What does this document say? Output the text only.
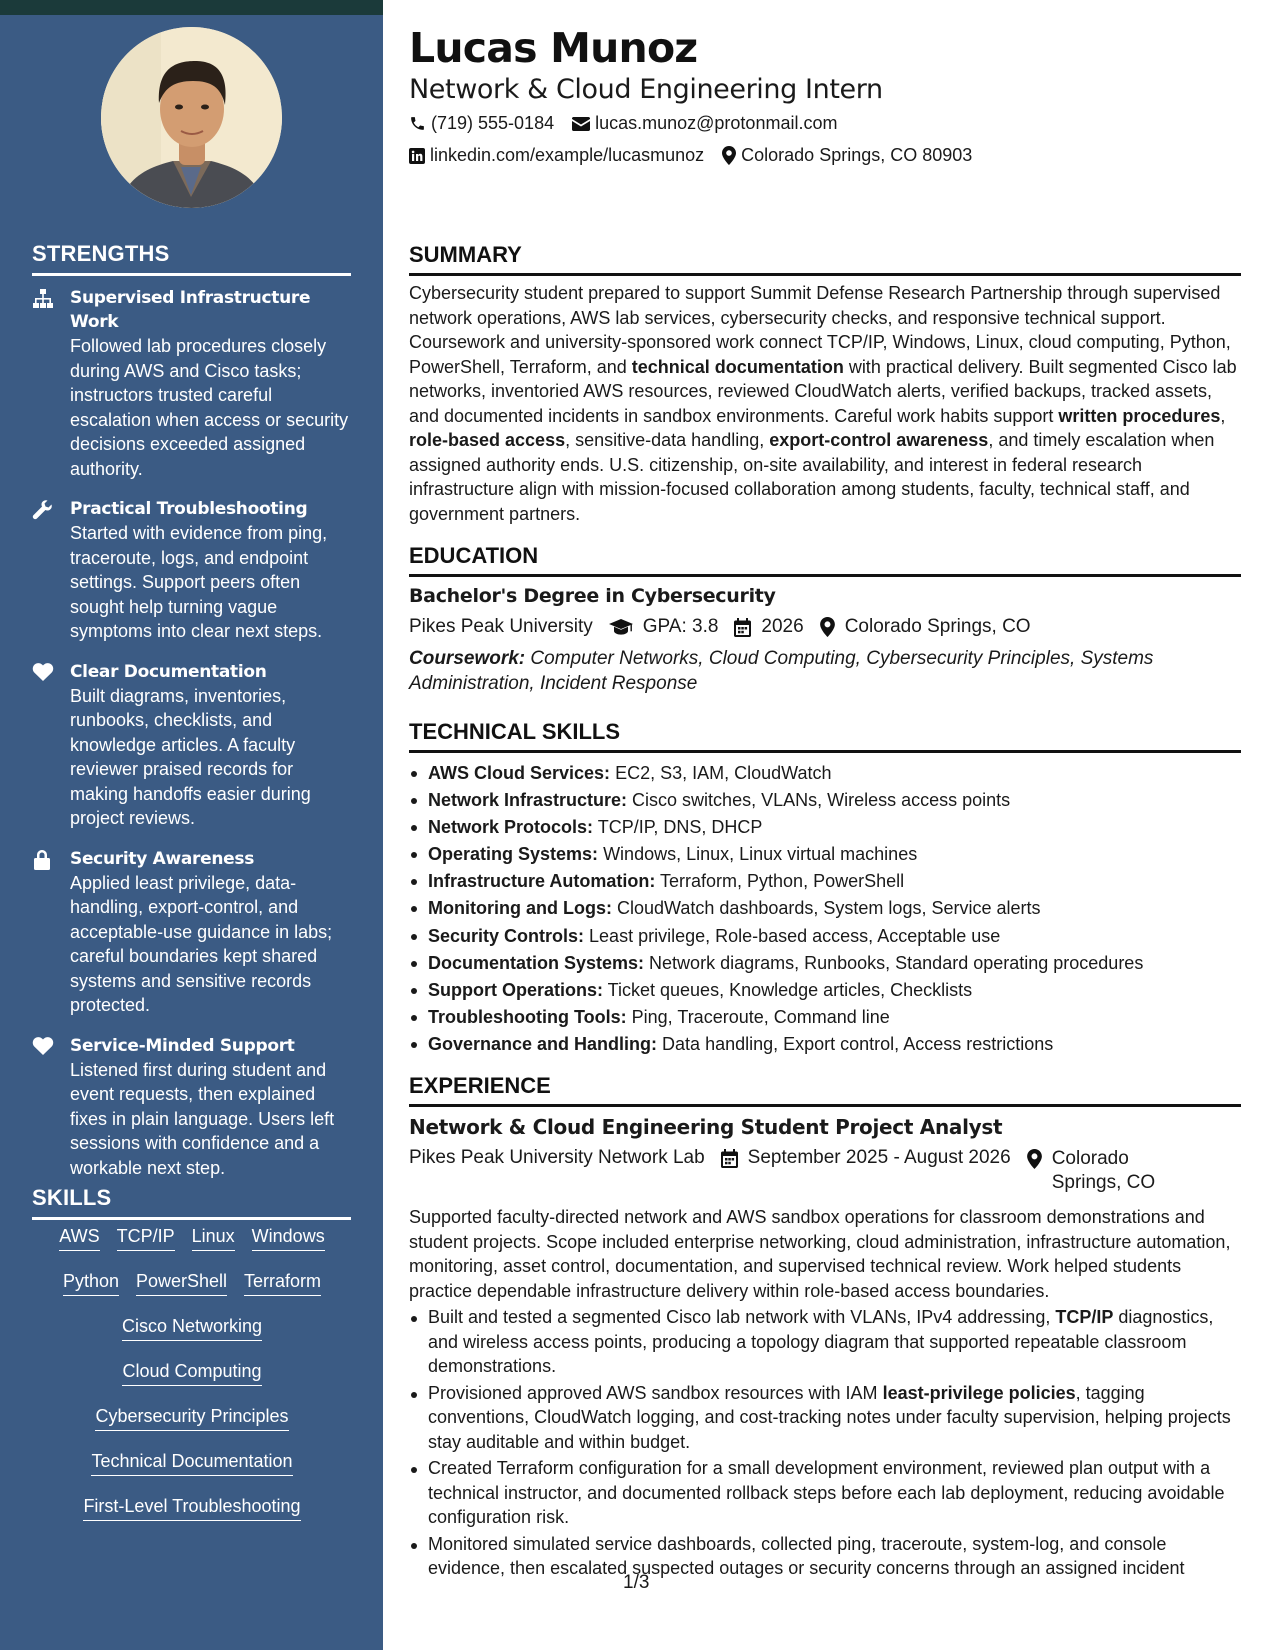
STRENGTHS
Supervised Infrastructure Work
Followed lab procedures closely during AWS and Cisco tasks; instructors trusted careful escalation when access or security decisions exceeded assigned authority.
Practical Troubleshooting
Started with evidence from ping, traceroute, logs, and endpoint settings. Support peers often sought help turning vague symptoms into clear next steps.
Clear Documentation
Built diagrams, inventories, runbooks, checklists, and knowledge articles. A faculty reviewer praised records for making handoffs easier during project reviews.
Security Awareness
Applied least privilege, data-handling, export-control, and acceptable-use guidance in labs; careful boundaries kept shared systems and sensitive records protected.
Service-Minded Support
Listened first during student and event requests, then explained fixes in plain language. Users left sessions with confidence and a workable next step.
SKILLS
AWS TCP/IP Linux Windows
Python PowerShell Terraform
Cisco Networking
Cloud Computing
Cybersecurity Principles
Technical Documentation
First-Level Troubleshooting
Lucas Munoz
Network & Cloud Engineering Intern
(719) 555-0184 lucas.munoz@protonmail.com
linkedin.com/example/lucasmunoz Colorado Springs, CO 80903
SUMMARY
Cybersecurity student prepared to support Summit Defense Research Partnership through supervised network operations, AWS lab services, cybersecurity checks, and responsive technical support. Coursework and university-sponsored work connect TCP/IP, Windows, Linux, cloud computing, Python, PowerShell, Terraform, and technical documentation with practical delivery. Built segmented Cisco lab networks, inventoried AWS resources, reviewed CloudWatch alerts, verified backups, tracked assets, and documented incidents in sandbox environments. Careful work habits support written procedures, role-based access, sensitive-data handling, export-control awareness, and timely escalation when assigned authority ends. U.S. citizenship, on-site availability, and interest in federal research infrastructure align with mission-focused collaboration among students, faculty, technical staff, and government partners.
EDUCATION
Bachelor's Degree in Cybersecurity
Pikes Peak University	GPA: 3.8 2026 Colorado Springs, CO
Coursework: Computer Networks, Cloud Computing, Cybersecurity Principles, Systems Administration, Incident Response
TECHNICAL SKILLS
AWS Cloud Services: EC2, S3, IAM, CloudWatch
Network Infrastructure: Cisco switches, VLANs, Wireless access points
Network Protocols: TCP/IP, DNS, DHCP
Operating Systems: Windows, Linux, Linux virtual machines
Infrastructure Automation: Terraform, Python, PowerShell
Monitoring and Logs: CloudWatch dashboards, System logs, Service alerts
Security Controls: Least privilege, Role-based access, Acceptable use
Documentation Systems: Network diagrams, Runbooks, Standard operating procedures
Support Operations: Ticket queues, Knowledge articles, Checklists
Troubleshooting Tools: Ping, Traceroute, Command line
Governance and Handling: Data handling, Export control, Access restrictions
EXPERIENCE
Network & Cloud Engineering Student Project Analyst
Pikes Peak University Network Lab September 2025 - August 2026 Colorado Springs, CO
Supported faculty-directed network and AWS sandbox operations for classroom demonstrations and student projects. Scope included enterprise networking, cloud administration, infrastructure automation, monitoring, asset control, documentation, and supervised technical review. Work helped students practice dependable infrastructure delivery within role-based access boundaries.
Built and tested a segmented Cisco lab network with VLANs, IPv4 addressing, TCP/IP diagnostics, and wireless access points, producing a topology diagram that supported repeatable classroom demonstrations.
Provisioned approved AWS sandbox resources with IAM least-privilege policies, tagging conventions, CloudWatch logging, and cost-tracking notes under faculty supervision, helping projects stay auditable and within budget.
Created Terraform configuration for a small development environment, reviewed plan output with a technical instructor, and documented rollback steps before each lab deployment, reducing avoidable configuration risk.
Monitored simulated service dashboards, collected ping, traceroute, system-log, and console evidence, then escalated suspected outages or security concerns through an assigned incident
1/3
